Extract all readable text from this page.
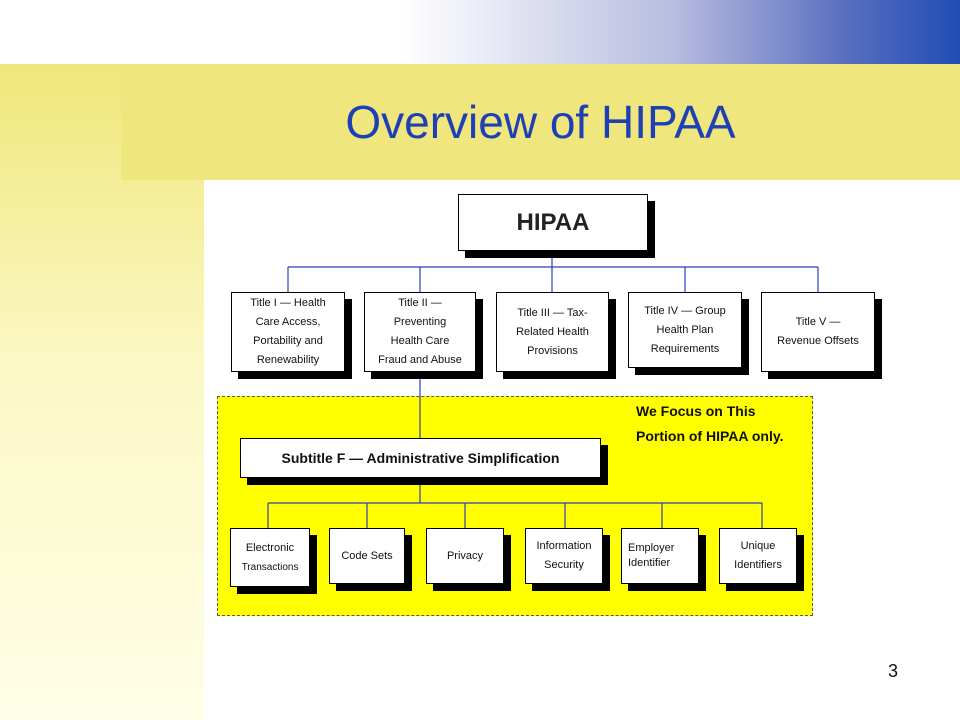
Overview of HIPAA
HIPAA
Title I — Health
Care Access,
Portability and
Renewability
Title II —
Preventing
Health Care
Fraud and Abuse
Title III — Tax-
Related Health
Provisions
Title IV — Group
Health Plan
Requirements
Title V —
Revenue Offsets
We Focus on This
Portion of HIPAA only.
Subtitle F — Administrative Simplification
Electronic
Transactions
Code Sets	Privacy
Information
Security
Employer
Identifier
Unique
Identifiers
3
